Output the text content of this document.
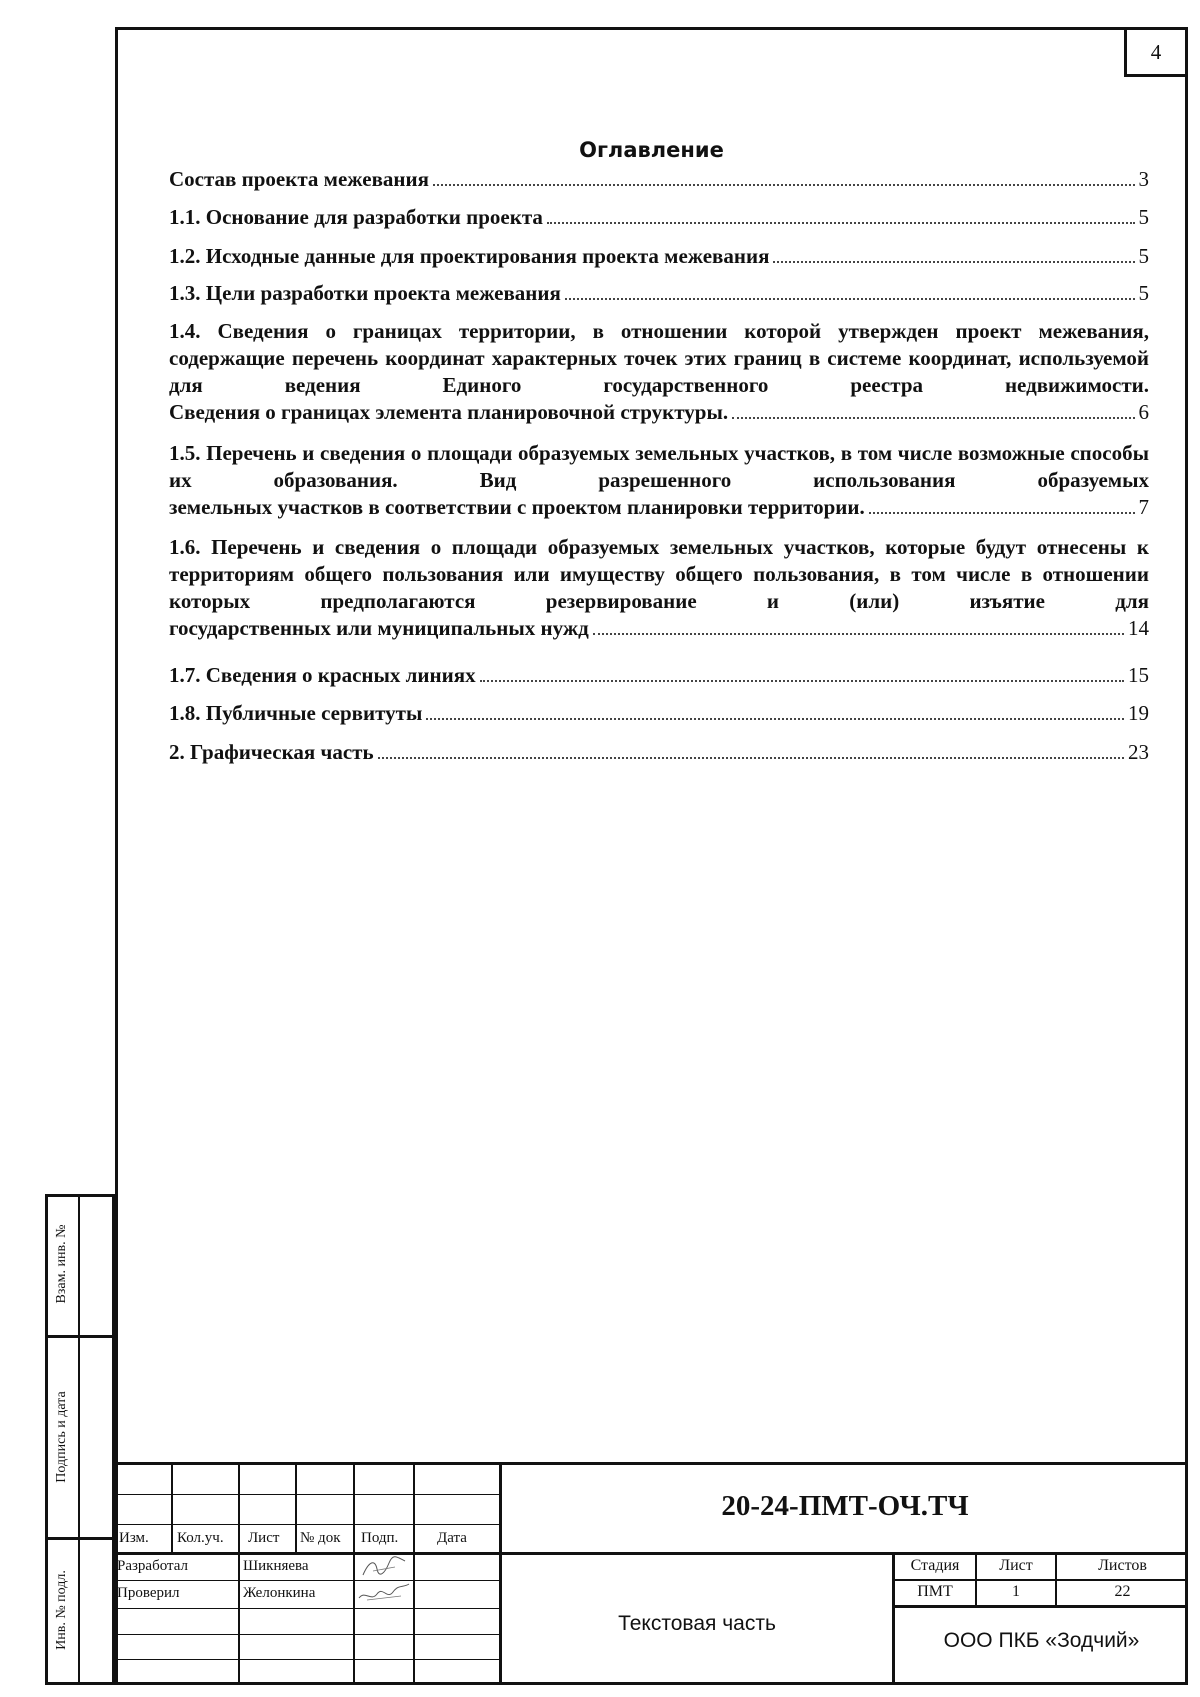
4
Оглавление
Состав проекта межевания	3
1.1. Основание для разработки проекта	5
1.2. Исходные данные для проектирования проекта межевания	5
1.3. Цели разработки проекта межевания	5
1.4. Сведения о границах территории, в отношении которой утвержден проект межевания, содержащие перечень координат характерных точек этих границ в системе координат, используемой для ведения Единого государственного реестра недвижимости.
Сведения о границах элемента планировочной структуры.	6
1.5. Перечень и сведения о площади образуемых земельных участков, в том числе возможные способы их образования. Вид разрешенного использования образуемых
земельных участков в соответствии с проектом планировки территории.	7
1.6. Перечень и сведения о площади образуемых земельных участков, которые будут отнесены к территориям общего пользования или имуществу общего пользования, в том числе в отношении которых предполагаются резервирование и (или) изъятие для
государственных или муниципальных нужд	14
1.7. Сведения о красных линиях	15
1.8. Публичные сервитуты	19
2. Графическая часть	23
Взам. инв. №
Подпись и дата
Инв. № подл.
Изм. Кол.уч. Лист № док Подп.	Дата
Разработал	Шикняева
Проверил	Желонкина
20-24-ПМТ-ОЧ.ТЧ
Текстовая часть
Стадия	Лист	Листов
ПМТ	1	22
ООО ПКБ «Зодчий»
